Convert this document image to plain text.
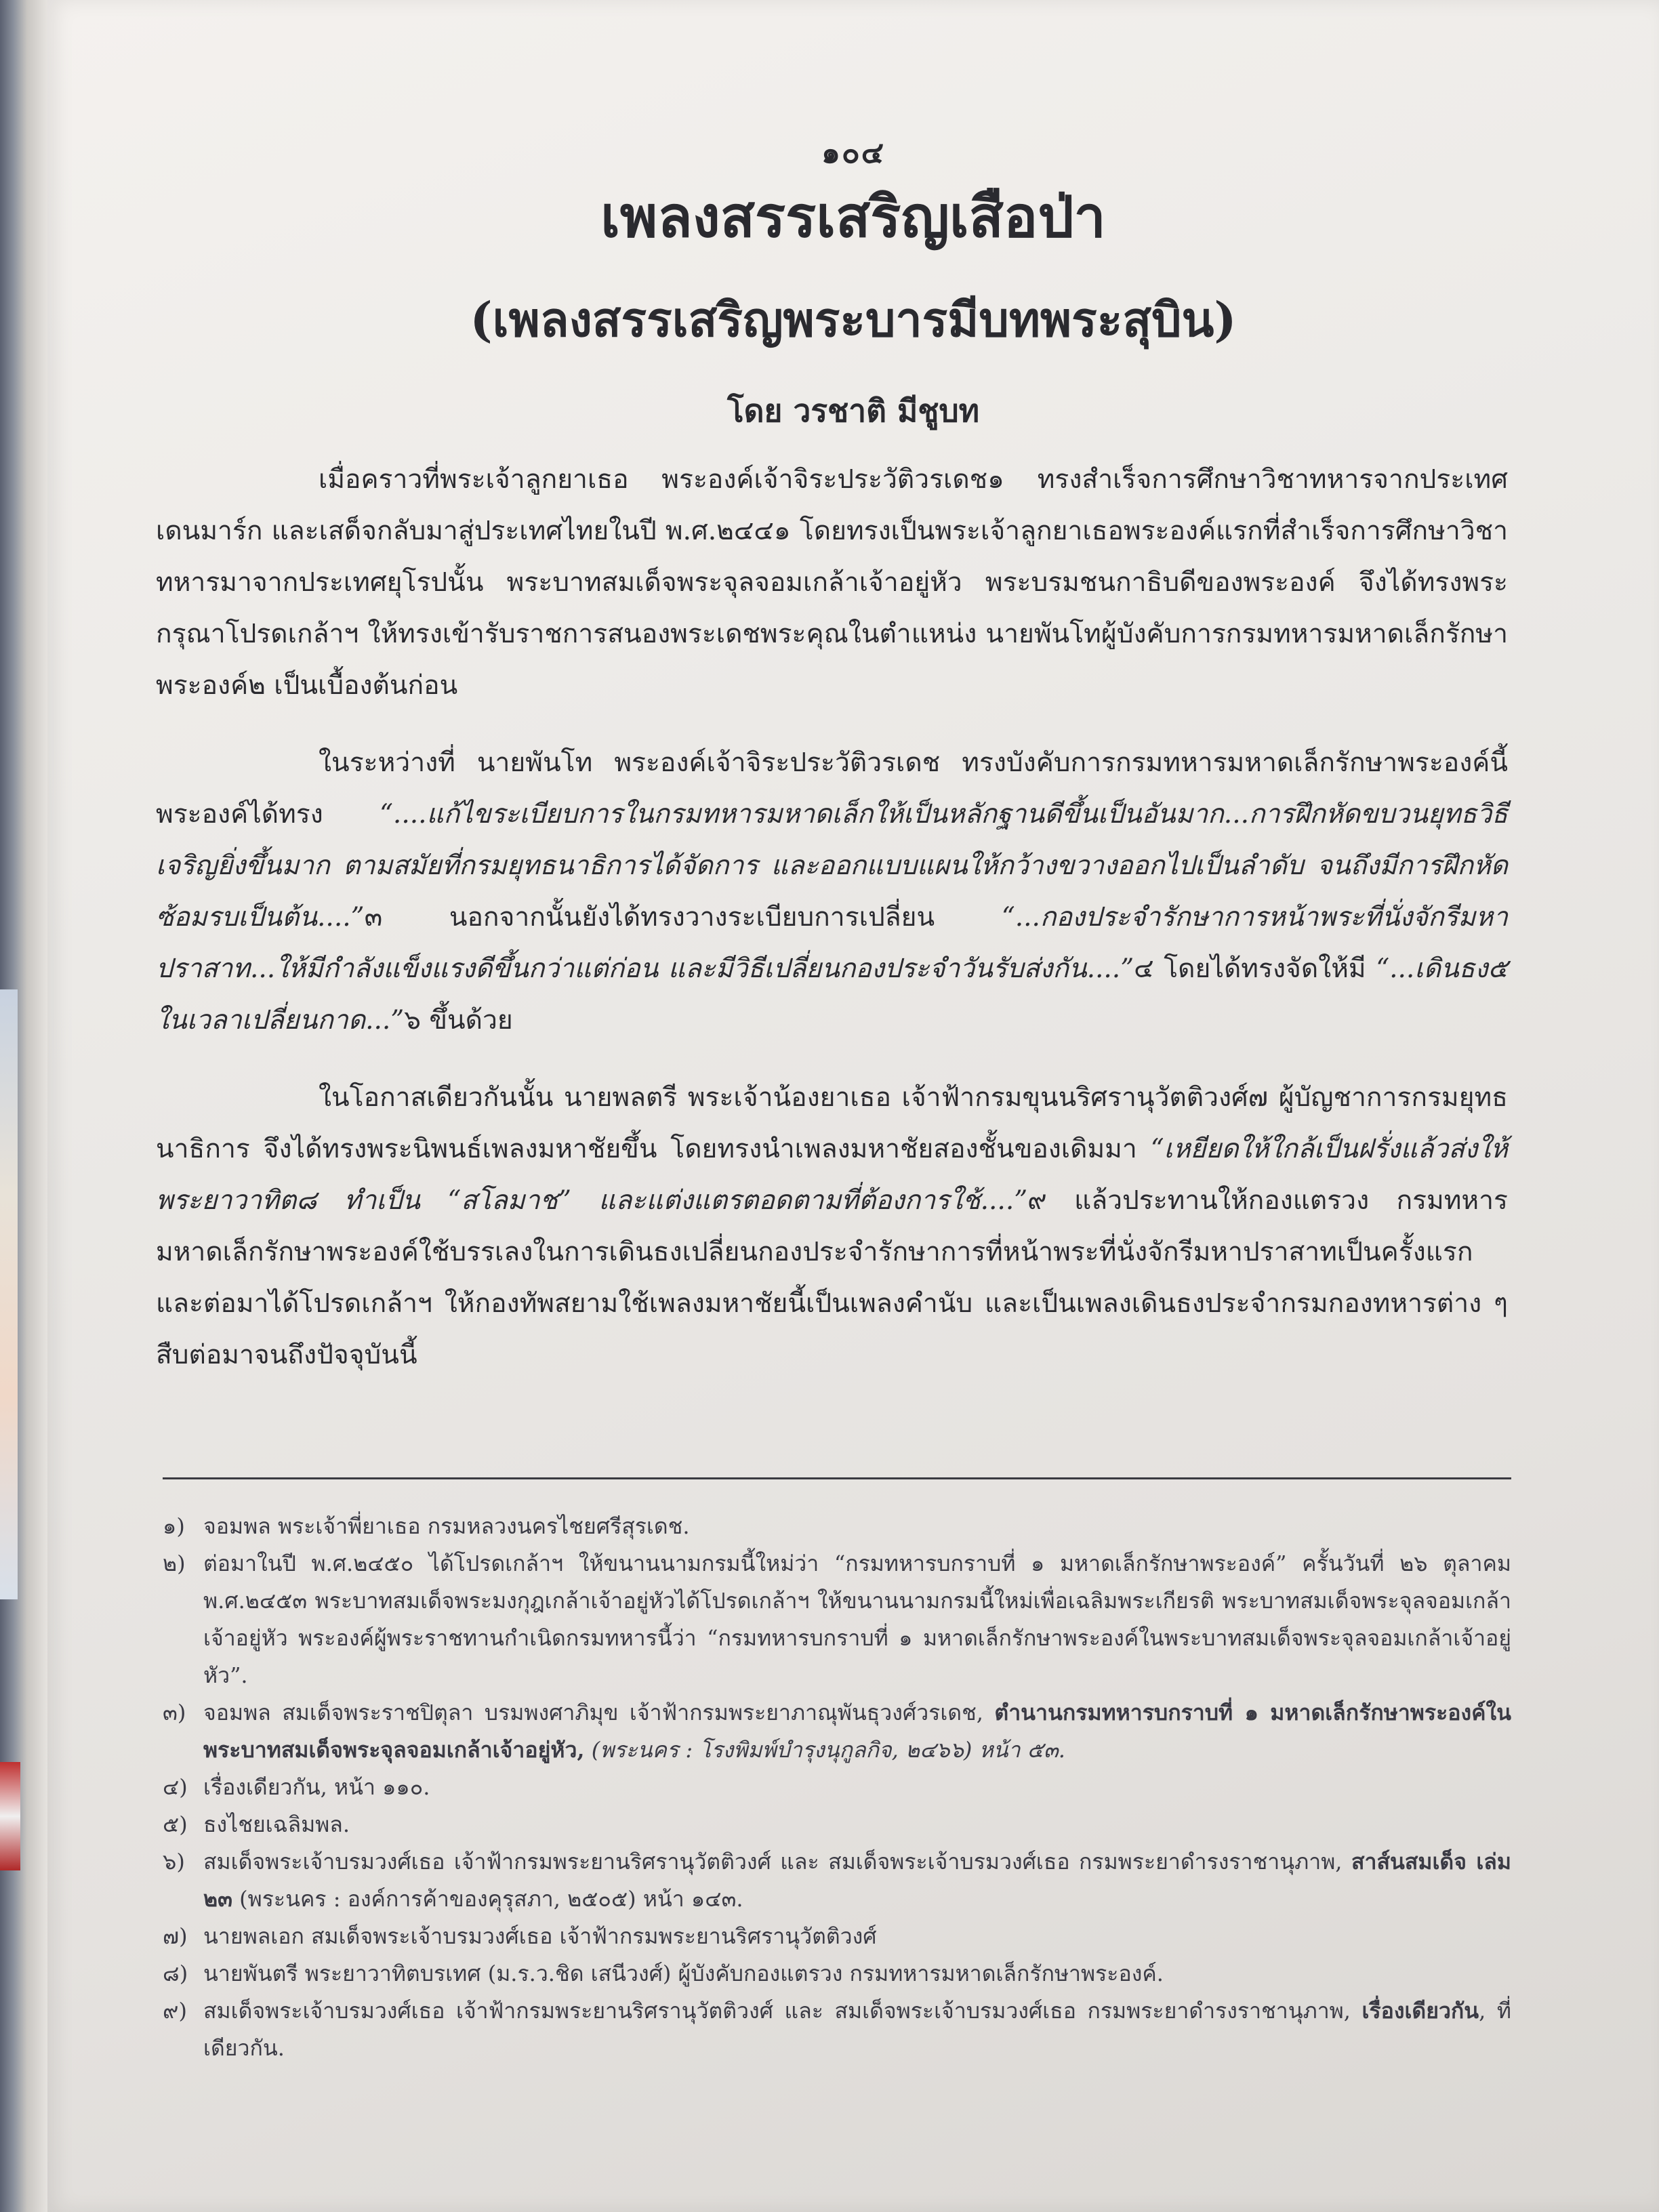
๑๐๔
เพลงสรรเสริญเสือป่า
(เพลงสรรเสริญพระบารมีบทพระสุบิน)
โดย วรชาติ มีชูบท

เมื่อคราวที่พระเจ้าลูกยาเธอ พระองค์เจ้าจิระประวัติวรเดช๑ ทรงสำเร็จการศึกษาวิชาทหารจากประเทศเดนมาร์ก และเสด็จกลับมาสู่ประเทศไทยในปี พ.ศ.๒๔๔๑ โดยทรงเป็นพระเจ้าลูกยาเธอพระองค์แรกที่สำเร็จการศึกษาวิชาทหารมาจากประเทศยุโรปนั้น พระบาทสมเด็จพระจุลจอมเกล้าเจ้าอยู่หัว พระบรมชนกาธิบดีของพระองค์ จึงได้ทรงพระกรุณาโปรดเกล้าฯ ให้ทรงเข้ารับราชการสนองพระเดชพระคุณในตำแหน่ง นายพันโทผู้บังคับการกรมทหารมหาดเล็กรักษาพระองค์๒ เป็นเบื้องต้นก่อน

ในระหว่างที่ นายพันโท พระองค์เจ้าจิระประวัติวรเดช ทรงบังคับการกรมทหารมหาดเล็กรักษาพระองค์นี้ พระองค์ได้ทรง “....แก้ไขระเบียบการในกรมทหารมหาดเล็กให้เป็นหลักฐานดีขึ้นเป็นอันมาก...การฝึกหัดขบวนยุทธวิธีเจริญยิ่งขึ้นมาก ตามสมัยที่กรมยุทธนาธิการได้จัดการ และออกแบบแผนให้กว้างขวางออกไปเป็นลำดับ จนถึงมีการฝึกหัดซ้อมรบเป็นต้น....”๓ นอกจากนั้นยังได้ทรงวางระเบียบการเปลี่ยน “...กองประจำรักษาการหน้าพระที่นั่งจักรีมหาปราสาท...ให้มีกำลังแข็งแรงดีขึ้นกว่าแต่ก่อน และมีวิธีเปลี่ยนกองประจำวันรับส่งกัน....”๔ โดยได้ทรงจัดให้มี “...เดินธง๕ ในเวลาเปลี่ยนกาด...”๖ ขึ้นด้วย

ในโอกาสเดียวกันนั้น นายพลตรี พระเจ้าน้องยาเธอ เจ้าฟ้ากรมขุนนริศรานุวัตติวงศ์๗ ผู้บัญชาการกรมยุทธนาธิการ จึงได้ทรงพระนิพนธ์เพลงมหาชัยขึ้น โดยทรงนำเพลงมหาชัยสองชั้นของเดิมมา “เหยียดให้ใกล้เป็นฝรั่งแล้วส่งให้พระยาวาทิต๘ ทำเป็น “สโลมาช” และแต่งแตรตอดตามที่ต้องการใช้....”๙ แล้วประทานให้กองแตรวง กรมทหารมหาดเล็กรักษาพระองค์ใช้บรรเลงในการเดินธงเปลี่ยนกองประจำรักษาการที่หน้าพระที่นั่งจักรีมหาปราสาทเป็นครั้งแรก และต่อมาได้โปรดเกล้าฯ ให้กองทัพสยามใช้เพลงมหาชัยนี้เป็นเพลงคำนับ และเป็นเพลงเดินธงประจำกรมกองทหารต่าง ๆ สืบต่อมาจนถึงปัจจุบันนี้

๑) จอมพล พระเจ้าพี่ยาเธอ กรมหลวงนครไชยศรีสุรเดช.
๒) ต่อมาในปี พ.ศ.๒๔๕๐ ได้โปรดเกล้าฯ ให้ขนานนามกรมนี้ใหม่ว่า “กรมทหารบกราบที่ ๑ มหาดเล็กรักษาพระองค์” ครั้นวันที่ ๒๖ ตุลาคม พ.ศ.๒๔๕๓ พระบาทสมเด็จพระมงกุฎเกล้าเจ้าอยู่หัวได้โปรดเกล้าฯ ให้ขนานนามกรมนี้ใหม่เพื่อเฉลิมพระเกียรติ พระบาทสมเด็จพระจุลจอมเกล้าเจ้าอยู่หัว พระองค์ผู้พระราชทานกำเนิดกรมทหารนี้ว่า “กรมทหารบกราบที่ ๑ มหาดเล็กรักษาพระองค์ในพระบาทสมเด็จพระจุลจอมเกล้าเจ้าอยู่หัว”.
๓) จอมพล สมเด็จพระราชปิตุลา บรมพงศาภิมุข เจ้าฟ้ากรมพระยาภาณุพันธุวงศ์วรเดช, ตำนานกรมทหารบกราบที่ ๑ มหาดเล็กรักษาพระองค์ในพระบาทสมเด็จพระจุลจอมเกล้าเจ้าอยู่หัว, (พระนคร : โรงพิมพ์บำรุงนุกูลกิจ, ๒๔๖๖) หน้า ๕๓.
๔) เรื่องเดียวกัน, หน้า ๑๑๐.
๕) ธงไชยเฉลิมพล.
๖) สมเด็จพระเจ้าบรมวงศ์เธอ เจ้าฟ้ากรมพระยานริศรานุวัตติวงศ์ และ สมเด็จพระเจ้าบรมวงศ์เธอ กรมพระยาดำรงราชานุภาพ, สาส์นสมเด็จ เล่ม ๒๓ (พระนคร : องค์การค้าของคุรุสภา, ๒๕๐๕) หน้า ๑๔๓.
๗) นายพลเอก สมเด็จพระเจ้าบรมวงศ์เธอ เจ้าฟ้ากรมพระยานริศรานุวัตติวงศ์
๘) นายพันตรี พระยาวาทิตบรเทศ (ม.ร.ว.ชิด เสนีวงศ์) ผู้บังคับกองแตรวง กรมทหารมหาดเล็กรักษาพระองค์.
๙) สมเด็จพระเจ้าบรมวงศ์เธอ เจ้าฟ้ากรมพระยานริศรานุวัตติวงศ์ และ สมเด็จพระเจ้าบรมวงศ์เธอ กรมพระยาดำรงราชานุภาพ, เรื่องเดียวกัน, ที่เดียวกัน.
